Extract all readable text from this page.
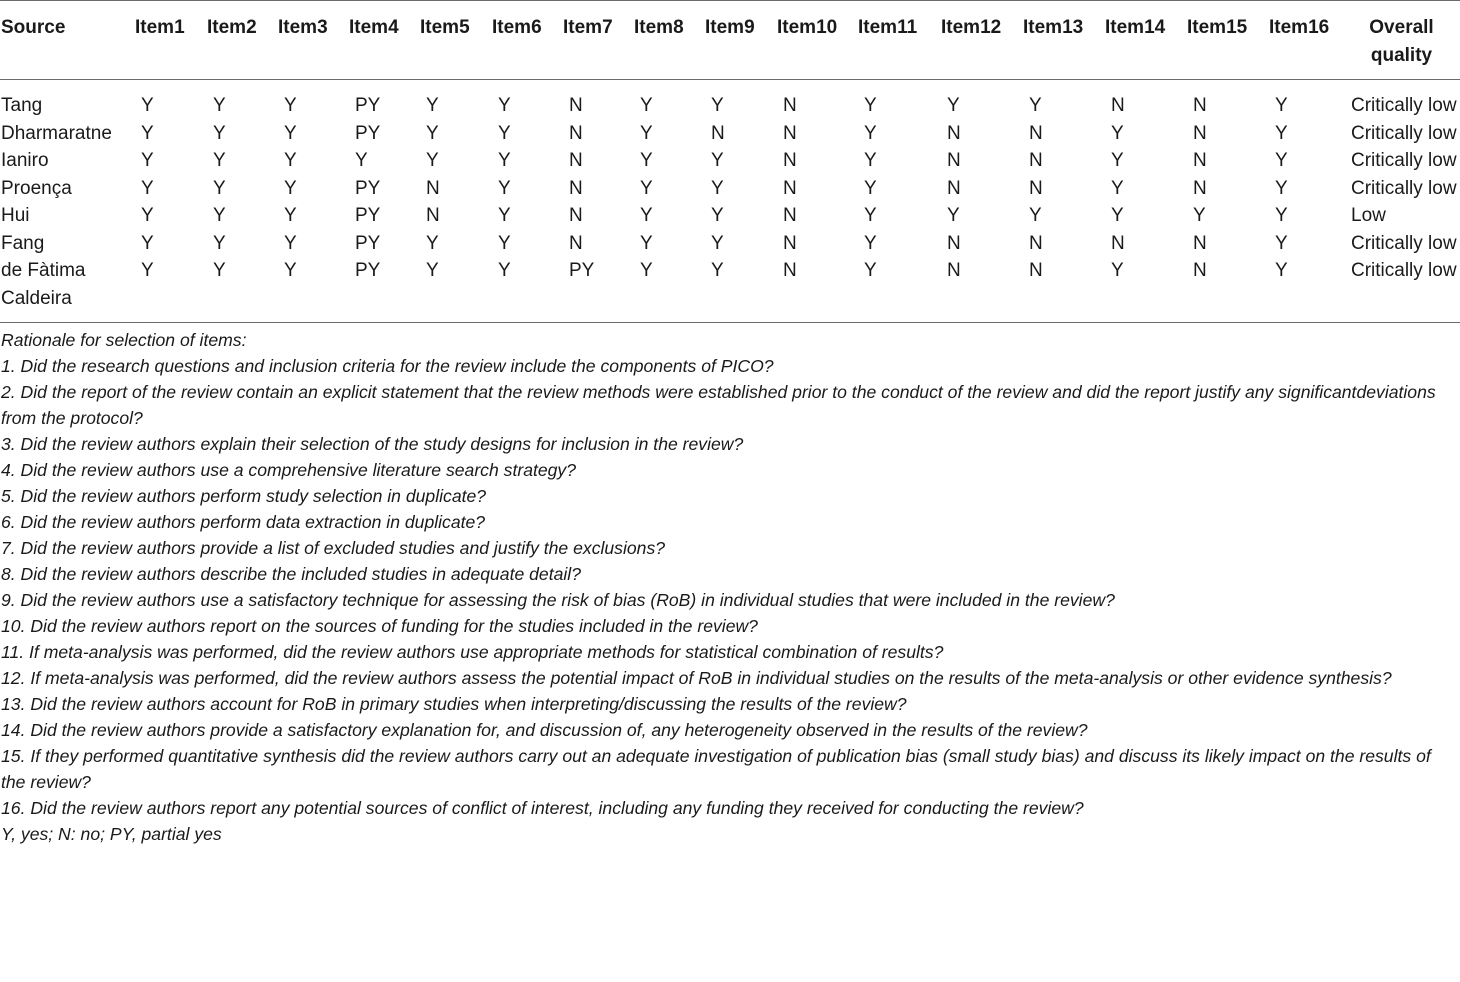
Source	Item1	Item2	Item3	Item4	Item5	Item6	Item7	Item8	Item9	Item10	Item11	Item12	Item13	Item14	Item15	Item16	Overall quality
Tang	Y	Y	Y	PY	Y	Y	N	Y	Y	N	Y	Y	Y	N	N	Y	Critically low
Dharmaratne	Y	Y	Y	PY	Y	Y	N	Y	N	N	Y	N	N	Y	N	Y	Critically low
Ianiro	Y	Y	Y	Y	Y	Y	N	Y	Y	N	Y	N	N	Y	N	Y	Critically low
Proença	Y	Y	Y	PY	N	Y	N	Y	Y	N	Y	N	N	Y	N	Y	Critically low
Hui	Y	Y	Y	PY	N	Y	N	Y	Y	N	Y	Y	Y	Y	Y	Y	Low
Fang	Y	Y	Y	PY	Y	Y	N	Y	Y	N	Y	N	N	N	N	Y	Critically low
de Fàtima Caldeira	Y	Y	Y	PY	Y	Y	PY	Y	Y	N	Y	N	N	Y	N	Y	Critically low
Rationale for selection of items:
1. Did the research questions and inclusion criteria for the review include the components of PICO?
2. Did the report of the review contain an explicit statement that the review methods were established prior to the conduct of the review and did the report justify any significantdeviations from the protocol?
3. Did the review authors explain their selection of the study designs for inclusion in the review?
4. Did the review authors use a comprehensive literature search strategy?
5. Did the review authors perform study selection in duplicate?
6. Did the review authors perform data extraction in duplicate?
7. Did the review authors provide a list of excluded studies and justify the exclusions?
8. Did the review authors describe the included studies in adequate detail?
9. Did the review authors use a satisfactory technique for assessing the risk of bias (RoB) in individual studies that were included in the review?
10. Did the review authors report on the sources of funding for the studies included in the review?
11. If meta-analysis was performed, did the review authors use appropriate methods for statistical combination of results?
12. If meta-analysis was performed, did the review authors assess the potential impact of RoB in individual studies on the results of the meta-analysis or other evidence synthesis?
13. Did the review authors account for RoB in primary studies when interpreting/discussing the results of the review?
14. Did the review authors provide a satisfactory explanation for, and discussion of, any heterogeneity observed in the results of the review?
15. If they performed quantitative synthesis did the review authors carry out an adequate investigation of publication bias (small study bias) and discuss its likely impact on the results of the review?
16. Did the review authors report any potential sources of conflict of interest, including any funding they received for conducting the review?
Y, yes; N: no; PY, partial yes
